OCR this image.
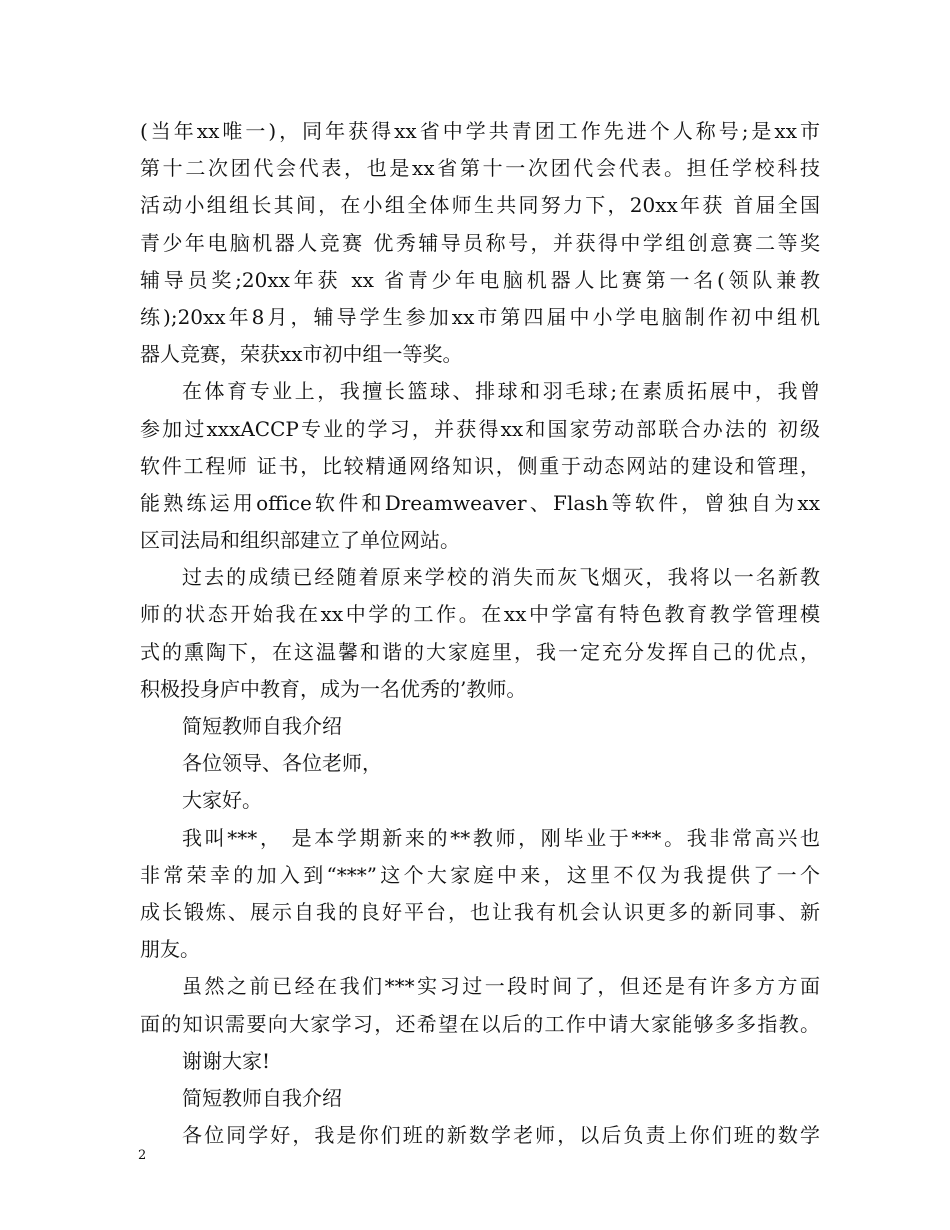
(当年xx唯一)，同年获得xx省中学共青团工作先进个人称号;是xx市
第十二次团代会代表，也是xx省第十一次团代会代表。担任学校科技
活动小组组长其间，在小组全体师生共同努力下，20xx年获 首届全国
青少年电脑机器人竞赛 优秀辅导员称号，并获得中学组创意赛二等奖
辅导员奖;20xx年获 xx 省青少年电脑机器人比赛第一名(领队兼教
练);20xx年8月，辅导学生参加xx市第四届中小学电脑制作初中组机
器人竞赛，荣获xx市初中组一等奖。
在体育专业上，我擅长篮球、排球和羽毛球;在素质拓展中，我曾
参加过xxxACCP专业的学习，并获得xx和国家劳动部联合办法的 初级
软件工程师 证书，比较精通网络知识，侧重于动态网站的建设和管理，
能熟练运用office软件和Dreamweaver、Flash等软件，曾独自为xx
区司法局和组织部建立了单位网站。
过去的成绩已经随着原来学校的消失而灰飞烟灭，我将以一名新教
师的状态开始我在xx中学的工作。在xx中学富有特色教育教学管理模
式的熏陶下，在这温馨和谐的大家庭里，我一定充分发挥自己的优点，
积极投身庐中教育，成为一名优秀的’教师。
简短教师自我介绍
各位领导、各位老师，
大家好。
我叫***， 是本学期新来的**教师，刚毕业于***。我非常高兴也
非常荣幸的加入到“***”这个大家庭中来，这里不仅为我提供了一个
成长锻炼、展示自我的良好平台，也让我有机会认识更多的新同事、新
朋友。
虽然之前已经在我们***实习过一段时间了，但还是有许多方方面
面的知识需要向大家学习，还希望在以后的工作中请大家能够多多指教。
谢谢大家!
简短教师自我介绍
各位同学好，我是你们班的新数学老师，以后负责上你们班的数学
2
